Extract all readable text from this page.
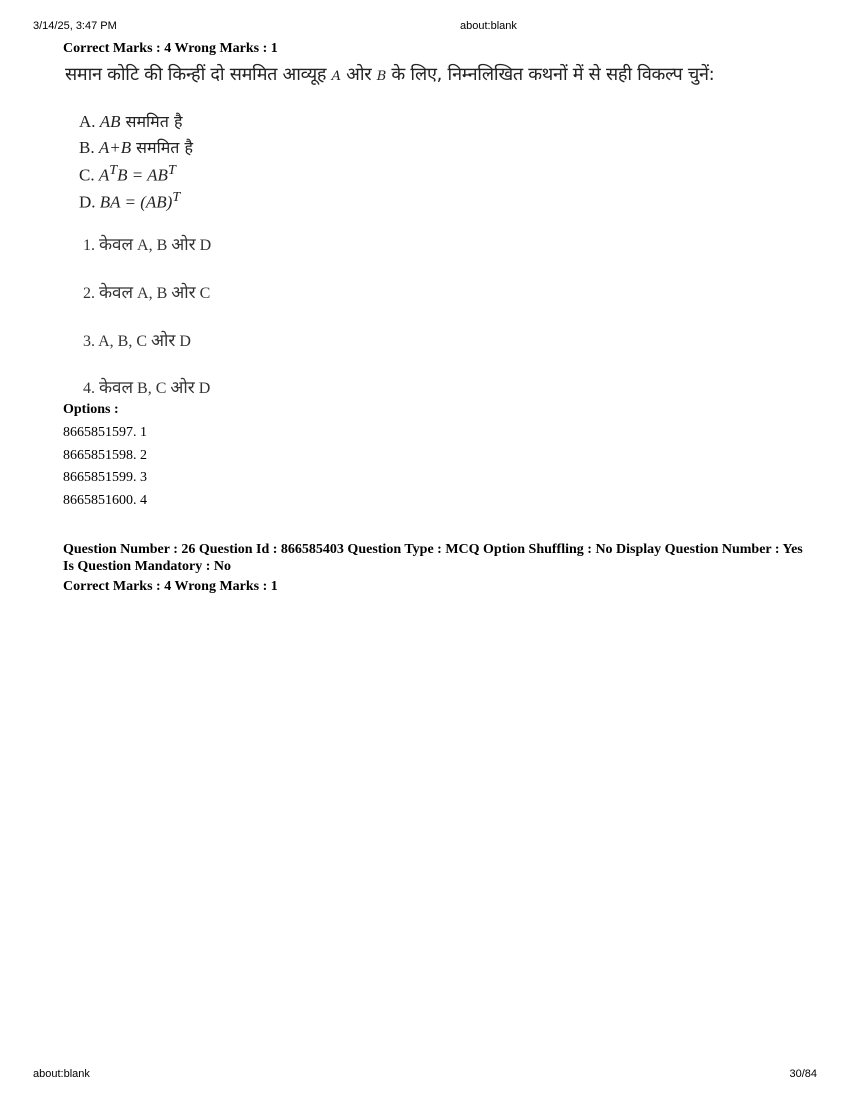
3/14/25, 3:47 PM	about:blank
Correct Marks : 4 Wrong Marks : 1
समान कोटि की किन्हीं दो सममित आव्यूह A ओर B के लिए, निम्नलिखित कथनों में से सही विकल्प चुनें:
A. AB सममित है
B. A+B सममित है
C. $A^TB = AB^T$
D. BA = (AB)$^T$
1. केवल A, B ओर D
2. केवल A, B ओर C
3. A, B, C ओर D
4. केवल B, C ओर D
Options :
8665851597. 1
8665851598. 2
8665851599. 3
8665851600. 4
Question Number : 26 Question Id : 866585403 Question Type : MCQ Option Shuffling : No Display Question Number : Yes Is Question Mandatory : No
Correct Marks : 4 Wrong Marks : 1
about:blank	30/84
